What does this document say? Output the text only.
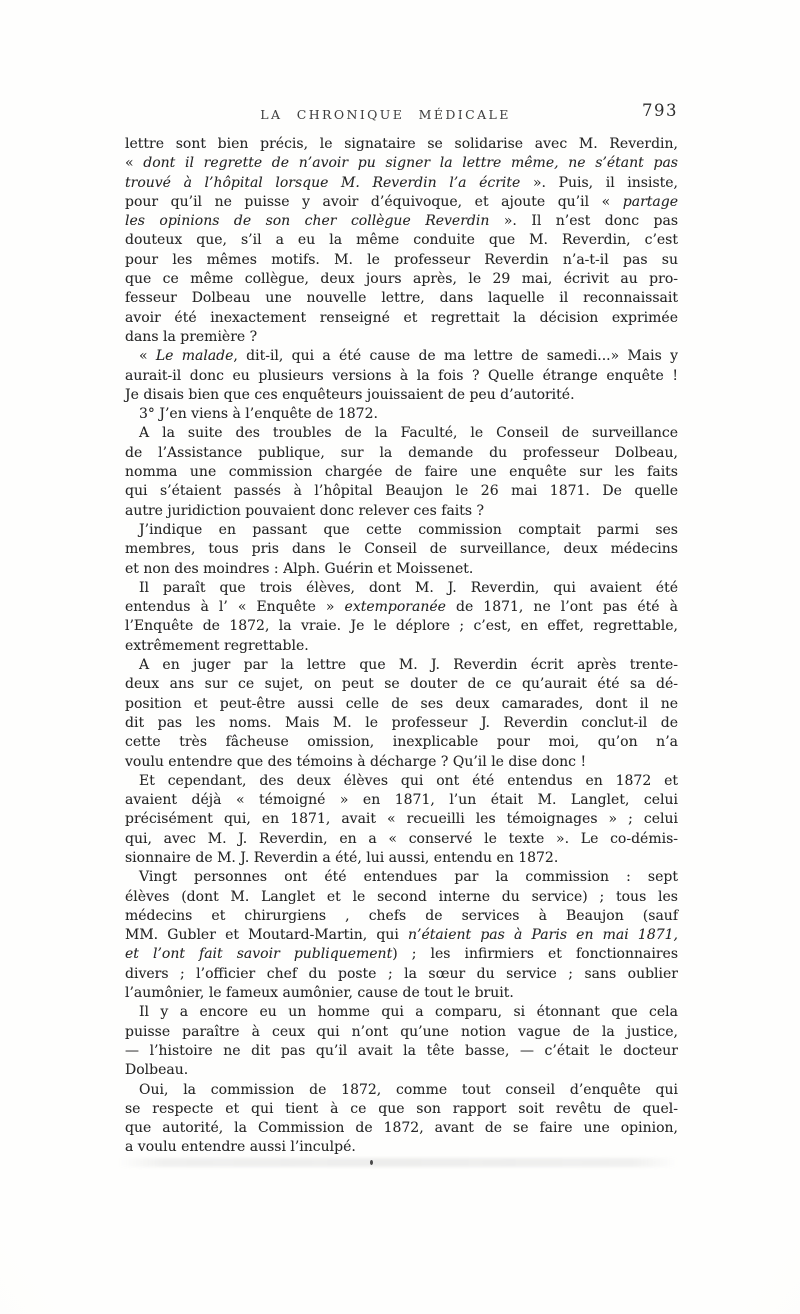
LA CHRONIQUE MÉDICALE	793
lettre sont bien précis, le signataire se solidarise avec M. Reverdin,
« dont il regrette de n’avoir pu signer la lettre même, ne s’étant pas
trouvé à l’hôpital lorsque M. Reverdin l’a écrite ». Puis, il insiste,
pour qu’il ne puisse y avoir d’équivoque, et ajoute qu’il « partage
les opinions de son cher collègue Reverdin ». Il n’est donc pas
douteux que, s’il a eu la même conduite que M. Reverdin, c’est
pour les mêmes motifs. M. le professeur Reverdin n’a-t-il pas su
que ce même collègue, deux jours après, le 29 mai, écrivit au pro-
fesseur Dolbeau une nouvelle lettre, dans laquelle il reconnaissait
avoir été inexactement renseigné et regrettait la décision exprimée
dans la première ?
« Le malade, dit-il, qui a été cause de ma lettre de samedi...» Mais y
aurait-il donc eu plusieurs versions à la fois ? Quelle étrange enquête !
Je disais bien que ces enquêteurs jouissaient de peu d’autorité.
3° J’en viens à l’enquête de 1872.
A la suite des troubles de la Faculté, le Conseil de surveillance
de l’Assistance publique, sur la demande du professeur Dolbeau,
nomma une commission chargée de faire une enquête sur les faits
qui s’étaient passés à l’hôpital Beaujon le 26 mai 1871. De quelle
autre juridiction pouvaient donc relever ces faits ?
J’indique en passant que cette commission comptait parmi ses
membres, tous pris dans le Conseil de surveillance, deux médecins
et non des moindres : Alph. Guérin et Moissenet.
Il paraît que trois élèves, dont M. J. Reverdin, qui avaient été
entendus à l’ « Enquête » extemporanée de 1871, ne l’ont pas été à
l’Enquête de 1872, la vraie. Je le déplore ; c’est, en effet, regrettable,
extrêmement regrettable.
A en juger par la lettre que M. J. Reverdin écrit après trente-
deux ans sur ce sujet, on peut se douter de ce qu’aurait été sa dé-
position et peut-être aussi celle de ses deux camarades, dont il ne
dit pas les noms. Mais M. le professeur J. Reverdin conclut-il de
cette très fâcheuse omission, inexplicable pour moi, qu’on n’a
voulu entendre que des témoins à décharge ? Qu’il le dise donc !
Et cependant, des deux élèves qui ont été entendus en 1872 et
avaient déjà « témoigné » en 1871, l’un était M. Langlet, celui
précisément qui, en 1871, avait « recueilli les témoignages » ; celui
qui, avec M. J. Reverdin, en a « conservé le texte ». Le co-démis-
sionnaire de M. J. Reverdin a été, lui aussi, entendu en 1872.
Vingt personnes ont été entendues par la commission : sept
élèves (dont M. Langlet et le second interne du service) ; tous les
médecins et chirurgiens , chefs de services à Beaujon (sauf
MM. Gubler et Moutard-Martin, qui n’étaient pas à Paris en mai 1871,
et l’ont fait savoir publiquement) ; les infirmiers et fonctionnaires
divers ; l’officier chef du poste ; la sœur du service ; sans oublier
l’aumônier, le fameux aumônier, cause de tout le bruit.
Il y a encore eu un homme qui a comparu, si étonnant que cela
puisse paraître à ceux qui n’ont qu’une notion vague de la justice,
— l’histoire ne dit pas qu’il avait la tête basse, — c’était le docteur
Dolbeau.
Oui, la commission de 1872, comme tout conseil d’enquête qui
se respecte et qui tient à ce que son rapport soit revêtu de quel-
que autorité, la Commission de 1872, avant de se faire une opinion,
a voulu entendre aussi l’inculpé.
